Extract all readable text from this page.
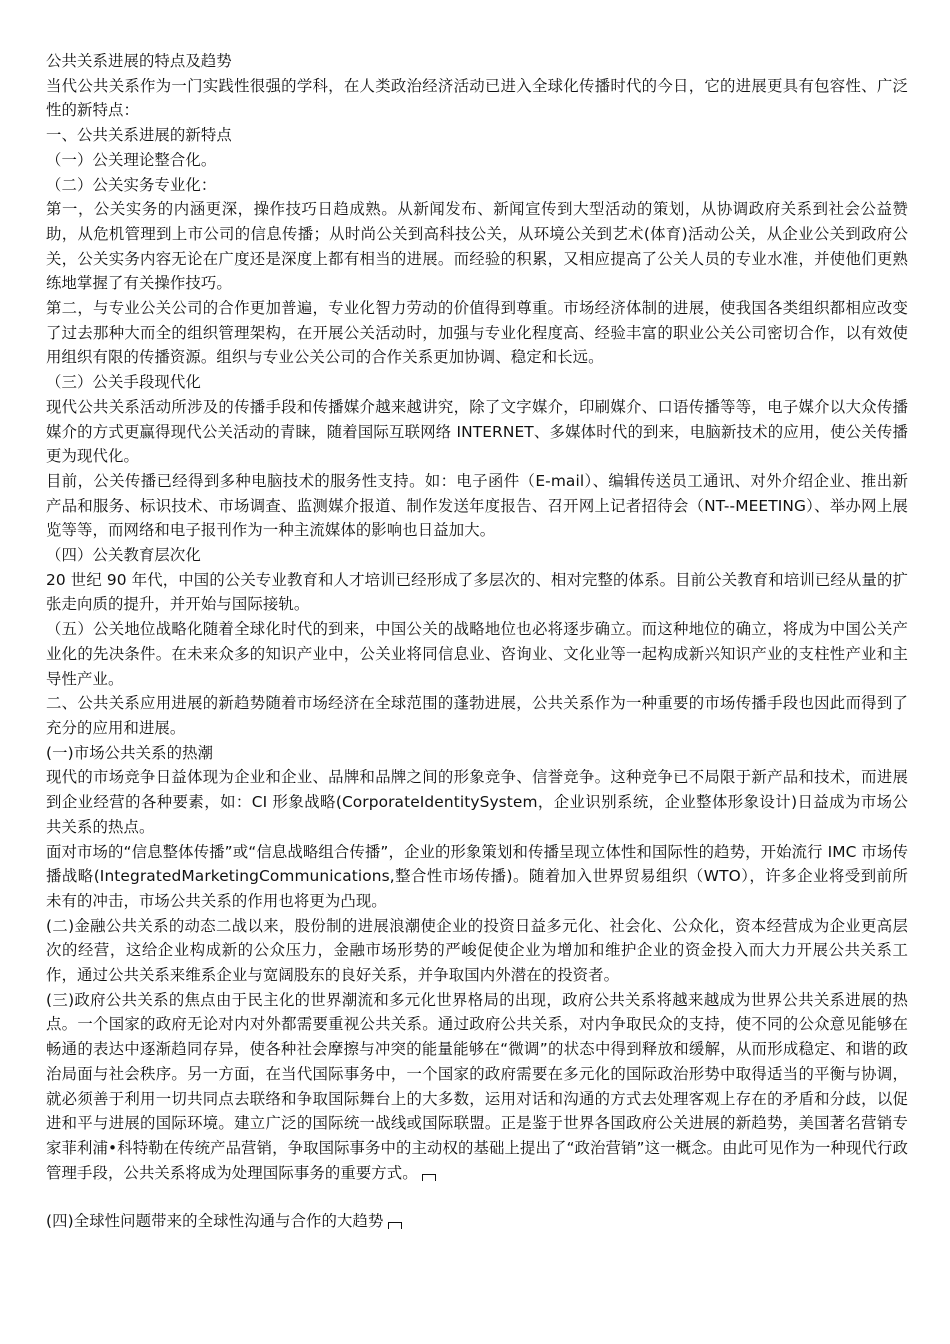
公共关系进展的特点及趋势

当代公共关系作为一门实践性很强的学科，在人类政治经济活动已进入全球化传播时代的今日，它的进展更具有包容性、广泛性的新特点：

一、公共关系进展的新特点

（一）公关理论整合化。

（二）公关实务专业化：

第一，公关实务的内涵更深，操作技巧日趋成熟。从新闻发布、新闻宣传到大型活动的策划，从协调政府关系到社会公益赞助，从危机管理到上市公司的信息传播；从时尚公关到高科技公关，从环境公关到艺术(体育)活动公关，从企业公关到政府公关，公关实务内容无论在广度还是深度上都有相当的进展。而经验的积累，又相应提高了公关人员的专业水准，并使他们更熟练地掌握了有关操作技巧。

第二，与专业公关公司的合作更加普遍，专业化智力劳动的价值得到尊重。市场经济体制的进展，使我国各类组织都相应改变了过去那种大而全的组织管理架构，在开展公关活动时，加强与专业化程度高、经验丰富的职业公关公司密切合作，以有效使用组织有限的传播资源。组织与专业公关公司的合作关系更加协调、稳定和长远。

（三）公关手段现代化

现代公共关系活动所涉及的传播手段和传播媒介越来越讲究，除了文字媒介，印刷媒介、口语传播等等，电子媒介以大众传播媒介的方式更赢得现代公关活动的青睐，随着国际互联网络 INTERNET、多媒体时代的到来，电脑新技术的应用，使公关传播更为现代化。

目前，公关传播已经得到多种电脑技术的服务性支持。如：电子函件（E-mail）、编辑传送员工通讯、对外介绍企业、推出新产品和服务、标识技术、市场调查、监测媒介报道、制作发送年度报告、召开网上记者招待会（NT--MEETING）、举办网上展览等等，而网络和电子报刊作为一种主流媒体的影响也日益加大。

（四）公关教育层次化

20 世纪 90 年代，中国的公关专业教育和人才培训已经形成了多层次的、相对完整的体系。目前公关教育和培训已经从量的扩张走向质的提升，并开始与国际接轨。

（五）公关地位战略化随着全球化时代的到来，中国公关的战略地位也必将逐步确立。而这种地位的确立，将成为中国公关产业化的先决条件。在未来众多的知识产业中，公关业将同信息业、咨询业、文化业等一起构成新兴知识产业的支柱性产业和主导性产业。

二、公共关系应用进展的新趋势随着市场经济在全球范围的蓬勃进展，公共关系作为一种重要的市场传播手段也因此而得到了充分的应用和进展。

(一)市场公共关系的热潮

现代的市场竞争日益体现为企业和企业、品牌和品牌之间的形象竞争、信誉竞争。这种竞争已不局限于新产品和技术，而进展到企业经营的各种要素，如：CI 形象战略(CorporateIdentitySystem，企业识别系统，企业整体形象设计)日益成为市场公共关系的热点。

面对市场的“信息整体传播”或“信息战略组合传播”，企业的形象策划和传播呈现立体性和国际性的趋势，开始流行 IMC 市场传播战略(IntegratedMarketingCommunications,整合性市场传播)。随着加入世界贸易组织（WTO），许多企业将受到前所未有的冲击，市场公共关系的作用也将更为凸现。

(二)金融公共关系的动态二战以来，股份制的进展浪潮使企业的投资日益多元化、社会化、公众化，资本经营成为企业更高层次的经营，这给企业构成新的公众压力，金融市场形势的严峻促使企业为增加和维护企业的资金投入而大力开展公共关系工作，通过公共关系来维系企业与宽阔股东的良好关系，并争取国内外潜在的投资者。

(三)政府公共关系的焦点由于民主化的世界潮流和多元化世界格局的出现，政府公共关系将越来越成为世界公共关系进展的热点。一个国家的政府无论对内对外都需要重视公共关系。通过政府公共关系，对内争取民众的支持，使不同的公众意见能够在畅通的表达中逐渐趋同存异，使各种社会摩擦与冲突的能量能够在“微调”的状态中得到释放和缓解，从而形成稳定、和谐的政治局面与社会秩序。另一方面，在当代国际事务中，一个国家的政府需要在多元化的国际政治形势中取得适当的平衡与协调，就必须善于利用一切共同点去联络和争取国际舞台上的大多数，运用对话和沟通的方式去处理客观上存在的矛盾和分歧，以促进和平与进展的国际环境。建立广泛的国际统一战线或国际联盟。正是鉴于世界各国政府公关进展的新趋势，美国著名营销专家菲利浦•科特勒在传统产品营销，争取国际事务中的主动权的基础上提出了“政治营销”这一概念。由此可见作为一种现代行政管理手段，公共关系将成为处理国际事务的重要方式。

(四)全球性问题带来的全球性沟通与合作的大趋势
